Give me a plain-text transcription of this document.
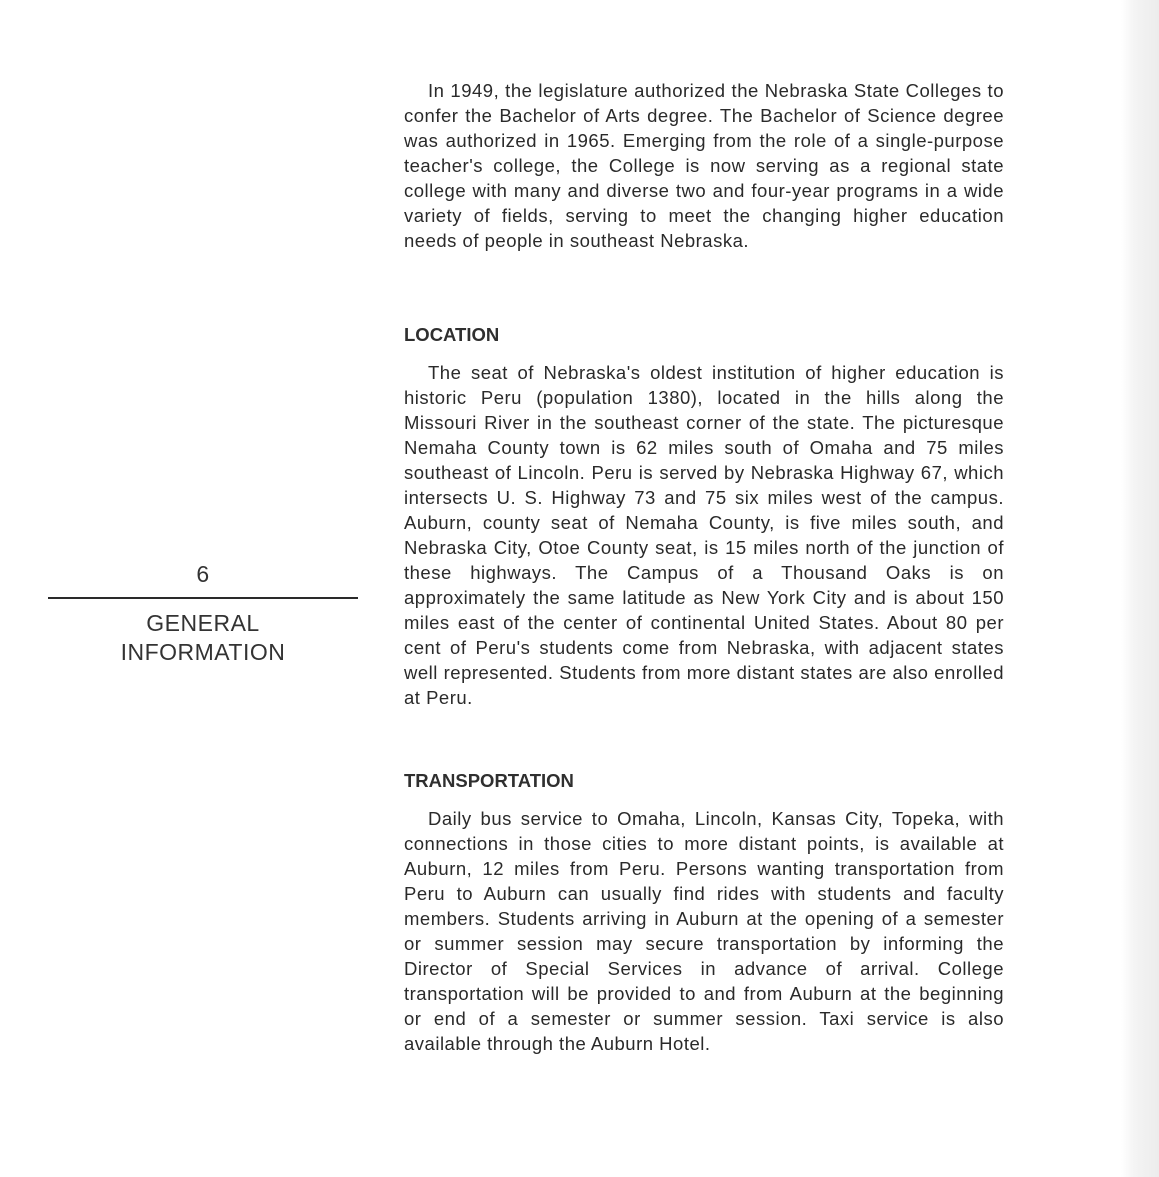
6
GENERAL
INFORMATION

In 1949, the legislature authorized the Nebraska State Colleges to confer the Bachelor of Arts degree. The Bachelor of Science degree was authorized in 1965. Emerging from the role of a single-purpose teacher's college, the College is now serving as a regional state college with many and diverse two and four-year programs in a wide variety of fields, serving to meet the changing higher education needs of people in southeast Nebraska.

LOCATION

The seat of Nebraska's oldest institution of higher education is historic Peru (population 1380), located in the hills along the Missouri River in the southeast corner of the state. The picturesque Nemaha County town is 62 miles south of Omaha and 75 miles southeast of Lincoln. Peru is served by Nebraska Highway 67, which intersects U. S. Highway 73 and 75 six miles west of the campus. Auburn, county seat of Nemaha County, is five miles south, and Nebraska City, Otoe County seat, is 15 miles north of the junction of these highways. The Campus of a Thousand Oaks is on approximately the same latitude as New York City and is about 150 miles east of the center of continental United States. About 80 per cent of Peru's students come from Nebraska, with adjacent states well represented. Students from more distant states are also enrolled at Peru.

TRANSPORTATION

Daily bus service to Omaha, Lincoln, Kansas City, Topeka, with connections in those cities to more distant points, is available at Auburn, 12 miles from Peru. Persons wanting transportation from Peru to Auburn can usually find rides with students and faculty members. Students arriving in Auburn at the opening of a semester or summer session may secure transportation by informing the Director of Special Services in advance of arrival. College transportation will be provided to and from Auburn at the beginning or end of a semester or summer session. Taxi service is also available through the Auburn Hotel.
